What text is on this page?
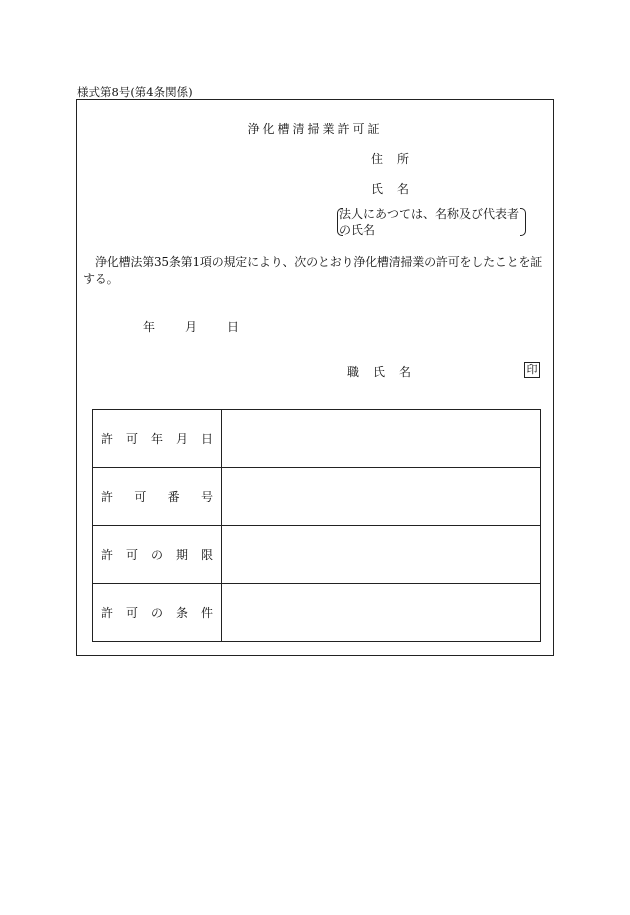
様式第8号(第4条関係)
浄化槽清掃業許可証
住所
氏名
法人にあつては、名称及び代表者の氏名
浄化槽法第35条第1項の規定により、次のとおり浄化槽清掃業の許可をしたことを証する。
年	月	日
職氏名	印
許 可 年 月 日	

許 可 番 号	

許 可 の 期 限	

許 可 の 条 件	
